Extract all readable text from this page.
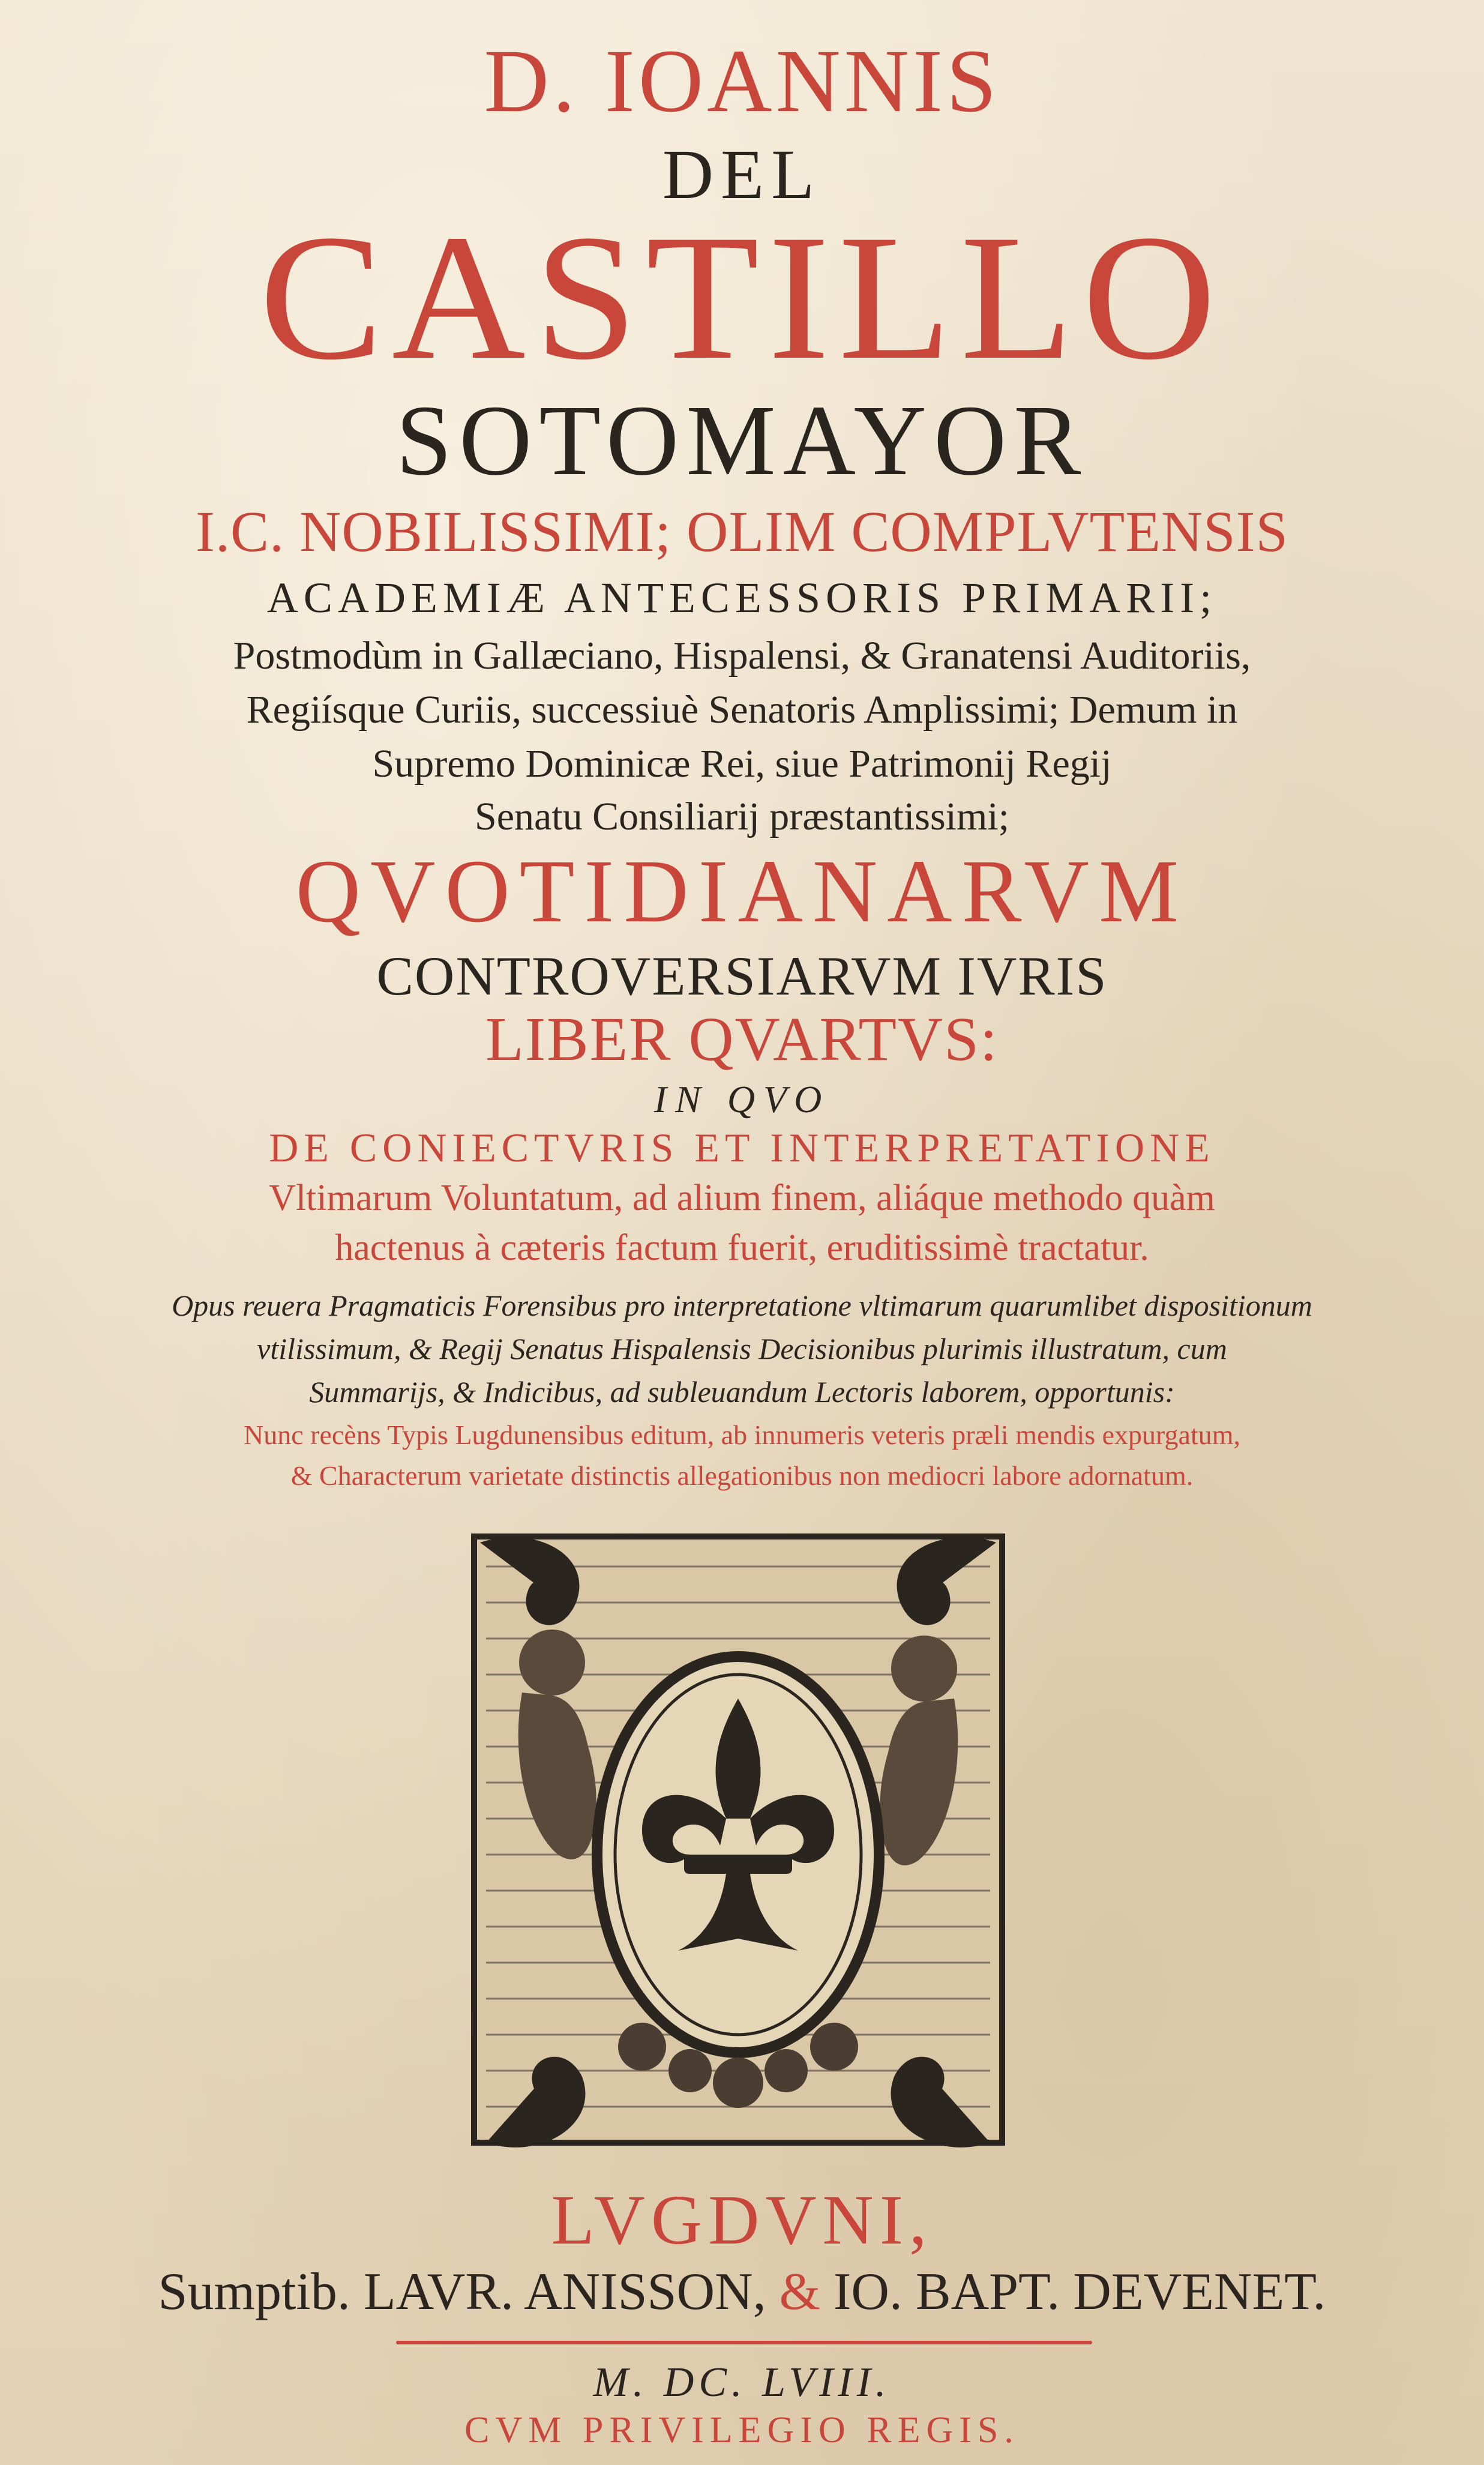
D. IOANNIS

DEL

CASTILLO

SOTOMAYOR

I.C. NOBILISSIMI; OLIM COMPLVTENSIS

ACADEMIÆ ANTECESSORIS PRIMARII;

Postmodùm in Gallæciano, Hispalensi, & Granatensi Auditoriis,

Regiísque Curiis, successiuè Senatoris Amplissimi; Demum in

Supremo Dominicæ Rei, siue Patrimonij Regij

Senatu Consiliarij præstantissimi;

QVOTIDIANARVM

CONTROVERSIARVM IVRIS

LIBER QVARTVS:

IN QVO

DE CONIECTVRIS ET INTERPRETATIONE

Vltimarum Voluntatum, ad alium finem, aliáque methodo quàm

hactenus à cæteris factum fuerit, eruditissimè tractatur.

Opus reuera Pragmaticis Forensibus pro interpretatione vltimarum quarumlibet dispositionum

vtilissimum, & Regij Senatus Hispalensis Decisionibus plurimis illustratum, cum

Summarijs, & Indicibus, ad subleuandum Lectoris laborem, opportunis:

Nunc recèns Typis Lugdunensibus editum, ab innumeris veteris præli mendis expurgatum,

& Characterum varietate distinctis allegationibus non mediocri labore adornatum.

LVGDVNI,

Sumptib. LAVR. ANISSON, & IO. BAPT. DEVENET.

M. DC. LVIII.

CVM PRIVILEGIO REGIS.
